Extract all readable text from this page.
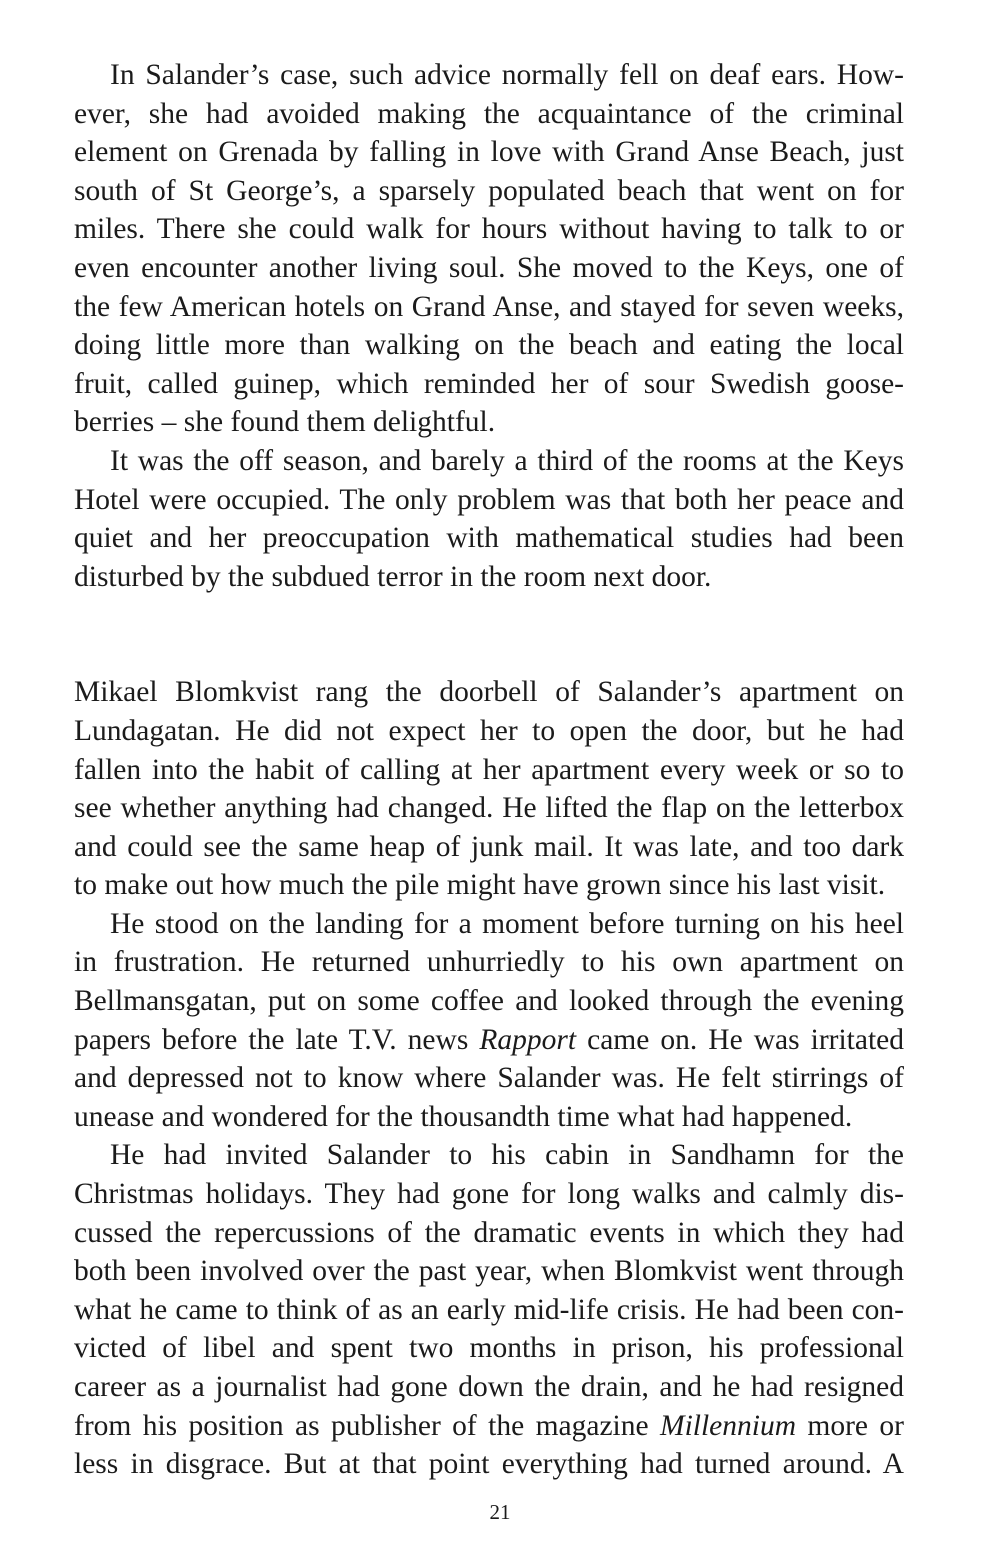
In Salander’s case, such advice normally fell on deaf ears. How-
ever, she had avoided making the acquaintance of the criminal
element on Grenada by falling in love with Grand Anse Beach, just
south of St George’s, a sparsely populated beach that went on for
miles. There she could walk for hours without having to talk to or
even encounter another living soul. She moved to the Keys, one of
the few American hotels on Grand Anse, and stayed for seven weeks,
doing little more than walking on the beach and eating the local
fruit, called guinep, which reminded her of sour Swedish goose-
berries – she found them delightful.
It was the off season, and barely a third of the rooms at the Keys
Hotel were occupied. The only problem was that both her peace and
quiet and her preoccupation with mathematical studies had been
disturbed by the subdued terror in the room next door.
Mikael Blomkvist rang the doorbell of Salander’s apartment on
Lundagatan. He did not expect her to open the door, but he had
fallen into the habit of calling at her apartment every week or so to
see whether anything had changed. He lifted the flap on the letterbox
and could see the same heap of junk mail. It was late, and too dark
to make out how much the pile might have grown since his last visit.
He stood on the landing for a moment before turning on his heel
in frustration. He returned unhurriedly to his own apartment on
Bellmansgatan, put on some coffee and looked through the evening
papers before the late T.V. news Rapport came on. He was irritated
and depressed not to know where Salander was. He felt stirrings of
unease and wondered for the thousandth time what had happened.
He had invited Salander to his cabin in Sandhamn for the
Christmas holidays. They had gone for long walks and calmly dis-
cussed the repercussions of the dramatic events in which they had
both been involved over the past year, when Blomkvist went through
what he came to think of as an early mid-life crisis. He had been con-
victed of libel and spent two months in prison, his professional
career as a journalist had gone down the drain, and he had resigned
from his position as publisher of the magazine Millennium more or
less in disgrace. But at that point everything had turned around. A
21
